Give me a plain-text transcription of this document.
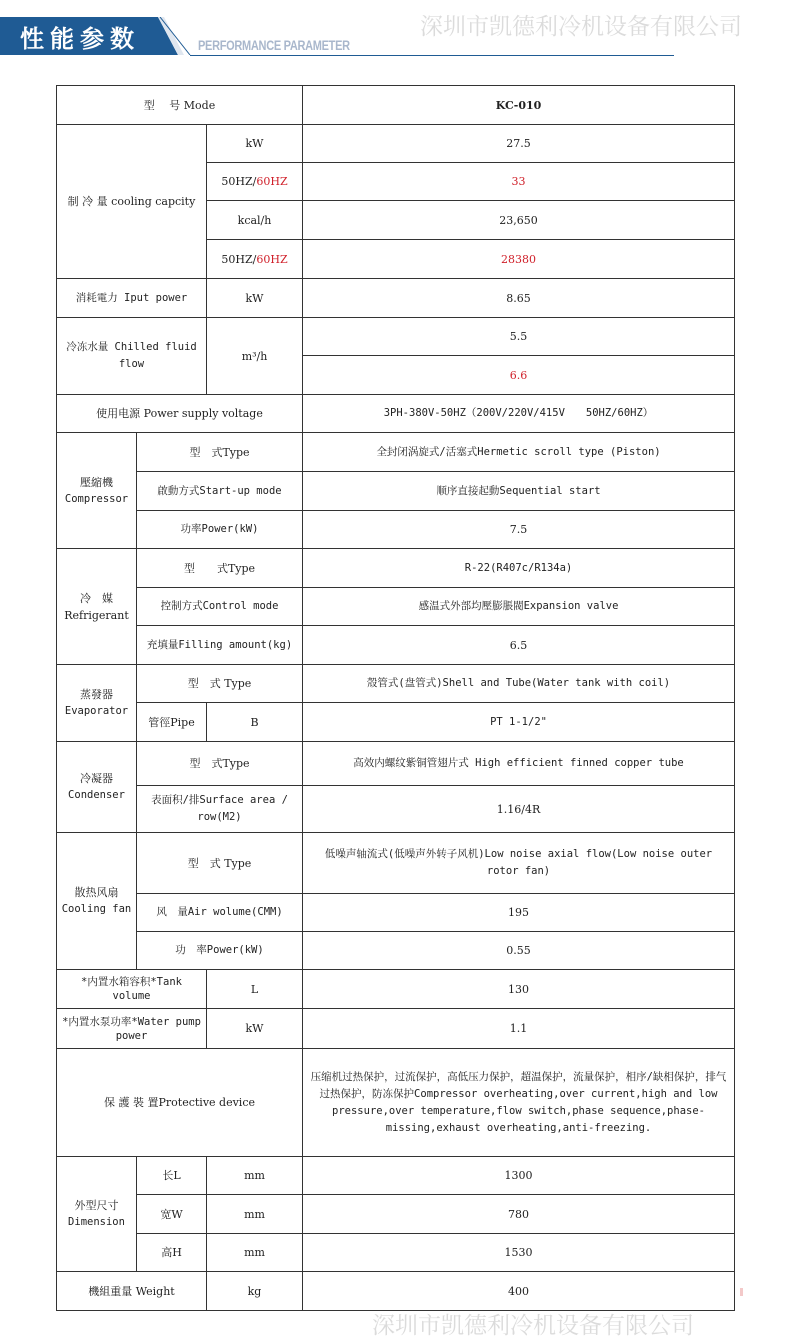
性能参数	PERFORMANCE PARAMETER
型　 号 Mode			KC-010
制 冷 量 cooling capcity		kW	27.5
		50HZ/60HZ	33
		kcal/h	23,650
		50HZ/60HZ	28380
消耗電力 Iput power		kW	8.65
冷冻水量 Chilled fluid flow		m³/h	5.5
			6.6
使用电源 Power supply voltage			3PH-380V-50HZ（200V/220V/415V　　50HZ/60HZ）

壓縮機
Compressor	型　式Type		全封闭涡旋式/活塞式Hermetic scroll type (Piston)
	啟動方式Start-up mode		顺序直接起動Sequential start
	功率Power(kW)		7.5

冷　媒
Refrigerant	型　　式Type		R-22(R407c/R134a)
	控制方式Control mode		感温式外部均壓膨脹閥Expansion valve
	充填量Filling amount(kg)		6.5

蒸發器
Evaporator	型　式 Type		殼管式(盘管式)Shell and Tube(Water tank with coil)
	管徑Pipe	B	PT 1-1/2"

冷凝器
Condenser	型　式Type		高效内螺纹紫铜管翅片式 High efficient finned copper tube
	表面积/排Surface area / row(M2)		1.16/4R

散热风扇
Cooling fan	型　式 Type		低噪声轴流式(低噪声外转子风机)Low noise axial flow(Low noise outer rotor fan)
	风　量Air wolume(CMM)		195
	功　率Power(kW)		0.55
*内置水箱容积*Tank volume		L	130
*内置水泵功率*Water pump power		kW	1.1
保 護 裝 置Protective device			压缩机过热保护，过流保护，高低压力保护，超温保护，流量保护，相序/缺相保护，排气过热保护，防冻保护Compressor overheating,over current,high and low pressure,over temperature,flow switch,phase sequence,phase-missing,exhaust overheating,anti-freezing.

外型尺寸
Dimension	长L	mm	1300
	宽W	mm	780
	高H	mm	1530
機組重量 Weight		kg	400
深圳市凯德利冷机设备有限公司
深圳市凯德利冷机设备有限公司
